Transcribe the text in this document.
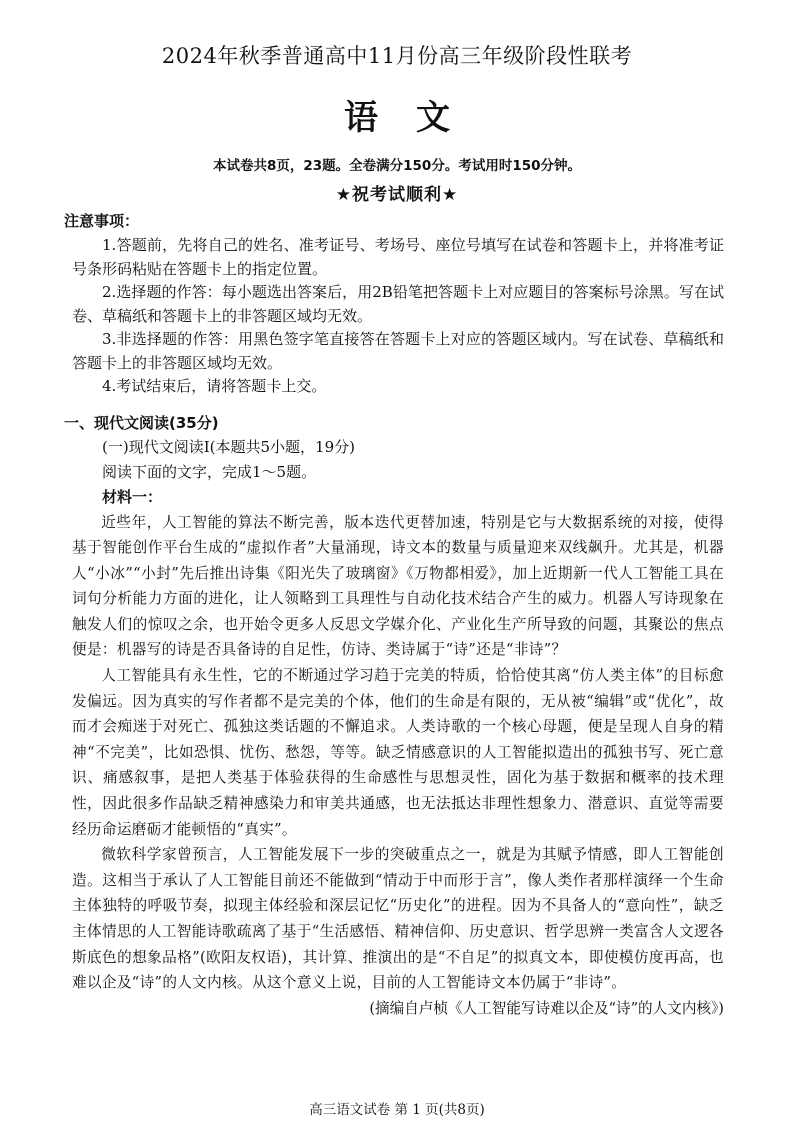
2024年秋季普通高中11月份高三年级阶段性联考
语文
本试卷共8页，23题。全卷满分150分。考试用时150分钟。
★祝考试顺利★
注意事项：

1.答题前，先将自己的姓名、准考证号、考场号、座位号填写在试卷和答题卡上，并将准考证号条形码粘贴在答题卡上的指定位置。

2.选择题的作答：每小题选出答案后，用2B铅笔把答题卡上对应题目的答案标号涂黑。写在试卷、草稿纸和答题卡上的非答题区域均无效。

3.非选择题的作答：用黑色签字笔直接答在答题卡上对应的答题区域内。写在试卷、草稿纸和答题卡上的非答题区域均无效。

4.考试结束后，请将答题卡上交。

一、现代文阅读(35分)

(一)现代文阅读Ⅰ(本题共5小题，19分)

阅读下面的文字，完成1～5题。

材料一：

近些年，人工智能的算法不断完善，版本迭代更替加速，特别是它与大数据系统的对接，使得基于智能创作平台生成的“虚拟作者”大量涌现，诗文本的数量与质量迎来双线飙升。尤其是，机器人“小冰”“小封”先后推出诗集《阳光失了玻璃窗》《万物都相爱》，加上近期新一代人工智能工具在词句分析能力方面的进化，让人领略到工具理性与自动化技术结合产生的威力。机器人写诗现象在触发人们的惊叹之余，也开始令更多人反思文学媒介化、产业化生产所导致的问题，其聚讼的焦点便是：机器写的诗是否具备诗的自足性，仿诗、类诗属于“诗”还是“非诗”？

人工智能具有永生性，它的不断通过学习趋于完美的特质，恰恰使其离“仿人类主体”的目标愈发偏远。因为真实的写作者都不是完美的个体，他们的生命是有限的，无从被“编辑”或“优化”，故而才会痴迷于对死亡、孤独这类话题的不懈追求。人类诗歌的一个核心母题，便是呈现人自身的精神“不完美”，比如恐惧、忧伤、愁怨，等等。缺乏情感意识的人工智能拟造出的孤独书写、死亡意识、痛感叙事，是把人类基于体验获得的生命感性与思想灵性，固化为基于数据和概率的技术理性，因此很多作品缺乏精神感染力和审美共通感，也无法抵达非理性想象力、潜意识、直觉等需要经历命运磨砺才能顿悟的“真实”。

微软科学家曾预言，人工智能发展下一步的突破重点之一，就是为其赋予情感，即人工智能创造。这相当于承认了人工智能目前还不能做到“情动于中而形于言”，像人类作者那样演绎一个生命主体独特的呼吸节奏，拟现主体经验和深层记忆“历史化”的进程。因为不具备人的“意向性”，缺乏主体情思的人工智能诗歌疏离了基于“生活感悟、精神信仰、历史意识、哲学思辨一类富含人文逻各斯底色的想象品格”(欧阳友权语)，其计算、推演出的是“不自足”的拟真文本，即使模仿度再高，也难以企及“诗”的人文内核。从这个意义上说，目前的人工智能诗文本仍属于“非诗”。

(摘编自卢桢《人工智能写诗难以企及“诗”的人文内核》)

高三语文试卷 第 1 页(共8页)
